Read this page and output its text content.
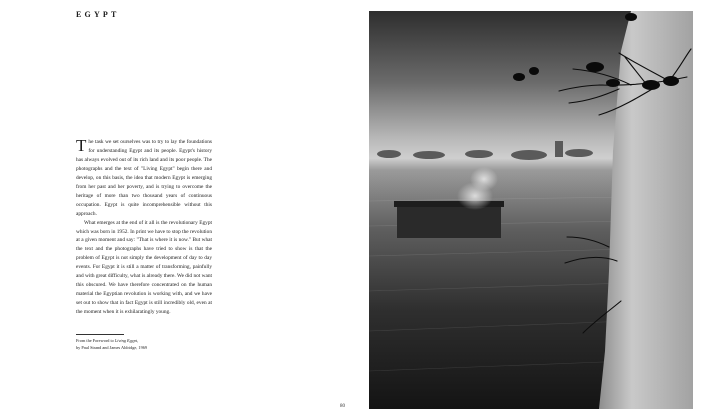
EGYPT

The task we set ourselves was to try to lay the foundations for understanding Egypt and its people. Egypt's history has always evolved out of its rich land and its poor people. The photographs and the text of "Living Egypt" begin there and develop, on this basis, the idea that modern Egypt is emerging from her past and her poverty, and is trying to overcome the heritage of more than two thousand years of continuous occupation. Egypt is quite incomprehensible without this approach.

What emerges at the end of it all is the revolutionary Egypt which was born in 1952. In print we have to stop the revolution at a given moment and say: "That is where it is now." But what the text and the photographs have tried to show is that the problem of Egypt is not simply the development of day to day events. For Egypt it is still a matter of transforming, painfully and with great difficulty, what is already there. We did not want this obscured. We have therefore concentrated on the human material the Egyptian revolution is working with, and we have set out to show that in fact Egypt is still incredibly old, even at the moment when it is exhilaratingly young.

From the Foreword to Living Egypt,
by Paul Strand and James Aldridge, 1969
80
